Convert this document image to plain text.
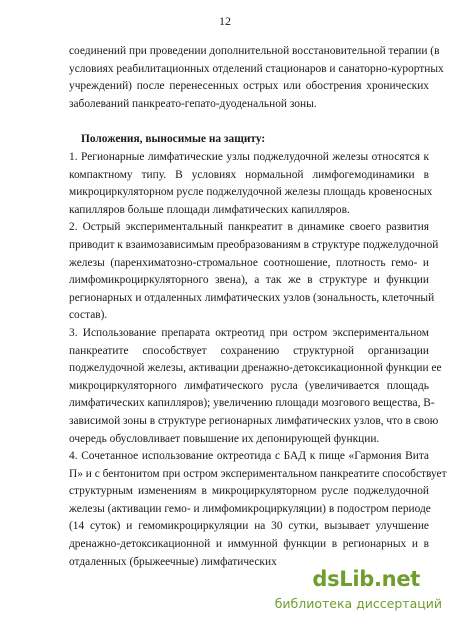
12
соединений при проведении дополнительной восстановительной терапии (в
условиях реабилитационных отделений стационаров и санаторно-курортных
учреждений) после перенесенных острых или обострения хронических
заболеваний панкреато-гепато-дуоденальной зоны.
Положения, выносимые на защиту:
1. Регионарные лимфатические узлы поджелудочной железы относятся к
компактному типу. В условиях нормальной лимфогемодинамики в
микроциркуляторном русле поджелудочной железы площадь кровеносных
капилляров больше площади лимфатических капилляров.
2. Острый экспериментальный панкреатит в динамике своего развития
приводит к взаимозависимым преобразованиям в структуре поджелудочной
железы (паренхиматозно-стромальное соотношение, плотность гемо- и
лимфомикроциркуляторного звена), а так же в структуре и функции
регионарных и отдаленных лимфатических узлов (зональность, клеточный
состав).
3. Использование препарата октреотид при остром экспериментальном
панкреатите способствует сохранению структурной организации
поджелудочной железы, активации дренажно-детоксикационной функции ее
микроциркуляторного лимфатического русла (увеличивается площадь
лимфатических капилляров); увеличению площади мозгового вещества, В-
зависимой зоны в структуре регионарных лимфатических узлов, что в свою
очередь обусловливает повышение их депонирующей функции.
4. Сочетанное использование октреотида с БАД к пище «Гармония Вита
П» и с бентонитом при остром экспериментальном панкреатите способствует
структурным изменениям в микроциркуляторном русле поджелудочной
железы (активации гемо- и лимфомикроциркуляции) в подостром периоде
(14 суток) и гемомикроциркуляции на 30 сутки, вызывает улучшение
дренажно-детоксикационной и иммунной функции в регионарных и в
отдаленных (брыжеечные) лимфатических
dsLib.net
библиотека диссертаций
